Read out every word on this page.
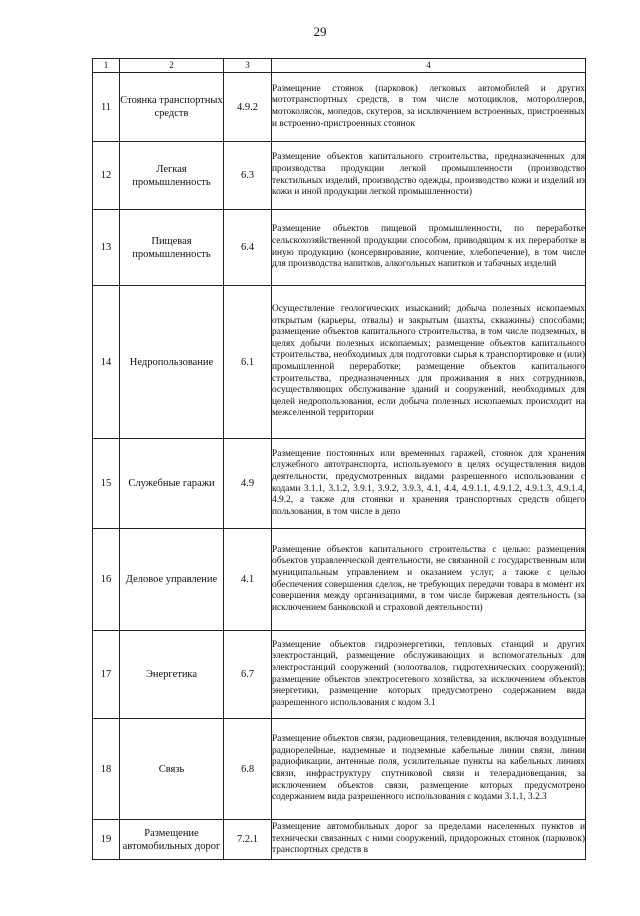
29
1	2	3	4
11	Стоянка транспортных средств	4.9.2	Размещение стоянок (парковок) легковых автомобилей и других мототранспортных средств, в том числе мотоциклов, мотороллеров, мотоколясок, мопедов, скутеров, за исключением встроенных, пристроенных и встроенно-пристроенных стоянок
12	Легкая промышленность	6.3	Размещение объектов капитального строительства, предназначенных для производства продукции легкой промышленности (производство текстильных изделий, производство одежды, производство кожи и изделий из кожи и иной продукции легкой промышленности)
13	Пищевая промышленность	6.4	Размещение объектов пищевой промышленности, по переработке сельскохозяйственной продукции способом, приводящим к их переработке в иную продукцию (консервирование, копчение, хлебопечение), в том числе для производства напитков, алкогольных напитков и табачных изделий
14	Недропользование	6.1	Осуществление геологических изысканий; добыча полезных ископаемых открытым (карьеры, отвалы) и закрытым (шахты, скважины) способами; размещение объектов капитального строительства, в том числе подземных, в целях добычи полезных ископаемых; размещение объектов капитального строительства, необходимых для подготовки сырья к транспортировке и (или) промышленной переработке; размещение объектов капитального строительства, предназначенных для проживания в них сотрудников, осуществляющих обслуживание зданий и сооружений, необходимых для целей недропользования, если добыча полезных ископаемых происходит на межселенной территории
15	Служебные гаражи	4.9	Размещение постоянных или временных гаражей, стоянок для хранения служебного автотранспорта, используемого в целях осуществления видов деятельности, предусмотренных видами разрешенного использования с кодами 3.1.1, 3.1.2, 3.9.1, 3.9.2, 3.9.3, 4.1, 4.4, 4.9.1.1, 4.9.1.2, 4.9.1.3, 4.9.1.4, 4.9.2, а также для стоянки и хранения транспортных средств общего пользования, в том числе в депо
16	Деловое управление	4.1	Размещение объектов капитального строительства с целью: размещения объектов управленческой деятельности, не связанной с государственным или муниципальным управлением и оказанием услуг, а также с целью обеспечения совершения сделок, не требующих передачи товара в момент их совершения между организациями, в том числе биржевая деятельность (за исключением банковской и страховой деятельности)
17	Энергетика	6.7	Размещение объектов гидроэнергетики, тепловых станций и других электростанций, размещение обслуживающих и вспомогательных для электростанций сооружений (золоотвалов, гидротехнических сооружений); размещение объектов электросетевого хозяйства, за исключением объектов энергетики, размещение которых предусмотрено содержанием вида разрешенного использования с кодом 3.1
18	Связь	6.8	Размещение объектов связи, радиовещания, телевидения, включая воздушные радиорелейные, надземные и подземные кабельные линии связи, линии радиофикации, антенные поля, усилительные пункты на кабельных линиях связи, инфраструктуру спутниковой связи и телерадиовещания, за исключением объектов связи, размещение которых предусмотрено содержанием вида разрешенного использования с кодами 3.1.1, 3.2.3
19	Размещение автомобильных дорог	7.2.1	Размещение автомобильных дорог за пределами населенных пунктов и технически связанных с ними сооружений, придорожных стоянок (парковок) транспортных средств в
